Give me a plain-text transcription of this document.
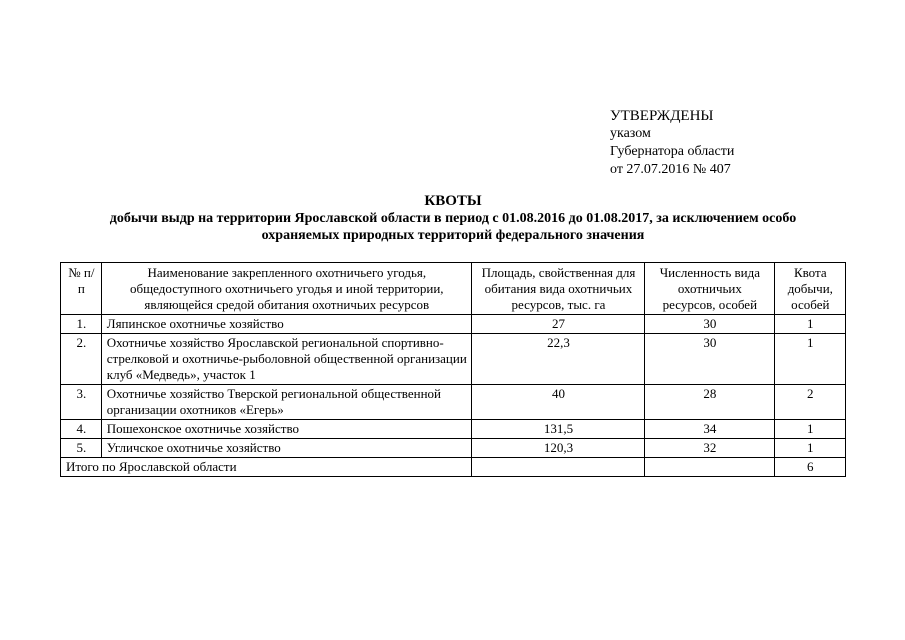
УТВЕРЖДЕНЫ
указом
Губернатора области
от 27.07.2016 № 407
КВОТЫ
добычи выдр на территории Ярославской области в период с 01.08.2016 до 01.08.2017, за исключением особо
охраняемых природных территорий федерального значения
№ п/п	Наименование закрепленного охотничьего угодья, общедоступного охотничьего угодья и иной территории, являющейся средой обитания охотничьих ресурсов	Площадь, свойственная для обитания вида охотничьих ресурсов, тыс. га	Численность вида охотничьих ресурсов, особей	Квота добычи, особей
1.	Ляпинское охотничье хозяйство	27	30	1
2.	Охотничье хозяйство Ярославской региональной спортивно-стрелковой и охотничье-рыболовной общественной организации клуб «Медведь», участок 1	22,3	30	1
3.	Охотничье хозяйство Тверской региональной общественной организации охотников «Егерь»	40	28	2
4.	Пошехонское охотничье хозяйство	131,5	34	1
5.	Угличское охотничье хозяйство	120,3	32	1
Итого по Ярославской области				6
